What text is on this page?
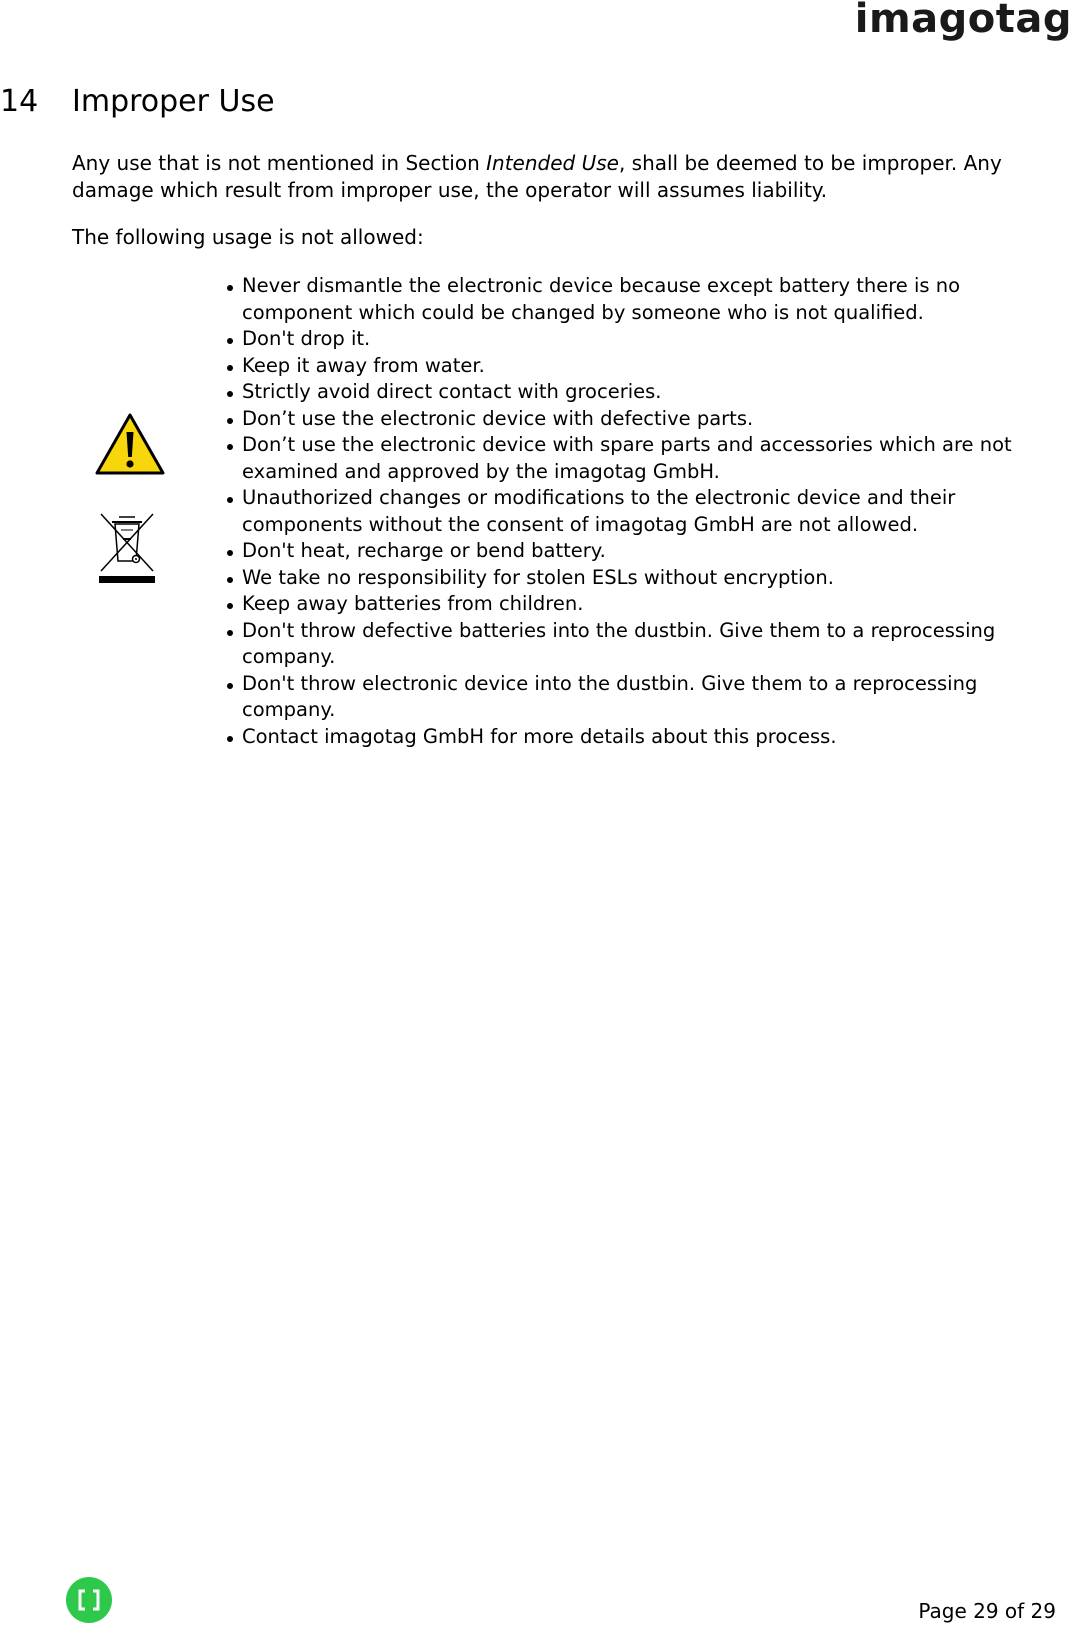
imagotag
14 Improper Use

Any use that is not mentioned in Section Intended Use, shall be deemed to be improper. Any damage which result from improper use, the operator will assumes liability.

The following usage is not allowed:

Never dismantle the electronic device because except battery there is no component which could be changed by someone who is not qualified.
Don't drop it.
Keep it away from water.
Strictly avoid direct contact with groceries.
Don’t use the electronic device with defective parts.
Don’t use the electronic device with spare parts and accessories which are not examined and approved by the imagotag GmbH.
Unauthorized changes or modifications to the electronic device and their components without the consent of imagotag GmbH are not allowed.
Don't heat, recharge or bend battery.
We take no responsibility for stolen ESLs without encryption.
Keep away batteries from children.
Don't throw defective batteries into the dustbin. Give them to a reprocessing company.
Don't throw electronic device into the dustbin. Give them to a reprocessing company.
Contact imagotag GmbH for more details about this process.

Page 29 of 29
